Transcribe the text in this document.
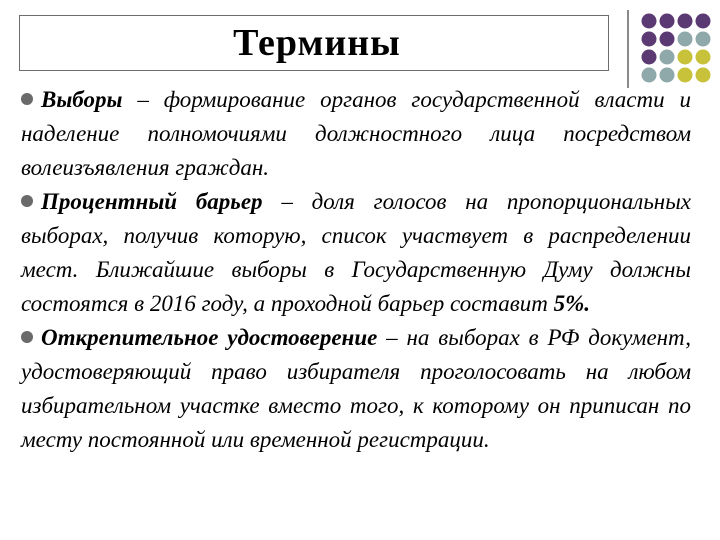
Термины

Выборы – формирование органов государственной власти и наделение полномочиями должностного лица посредством волеизъявления граждан.

Процентный барьер – доля голосов на пропорциональных выборах, получив которую, список участвует в распределении мест. Ближайшие выборы в Государственную Думу должны состоятся в 2016 году, а проходной барьер составит 5%.

Открепительное удостоверение – на выборах в РФ документ, удостоверяющий право избирателя проголосовать на любом избирательном участке вместо того, к которому он приписан по месту постоянной или временной регистрации.
